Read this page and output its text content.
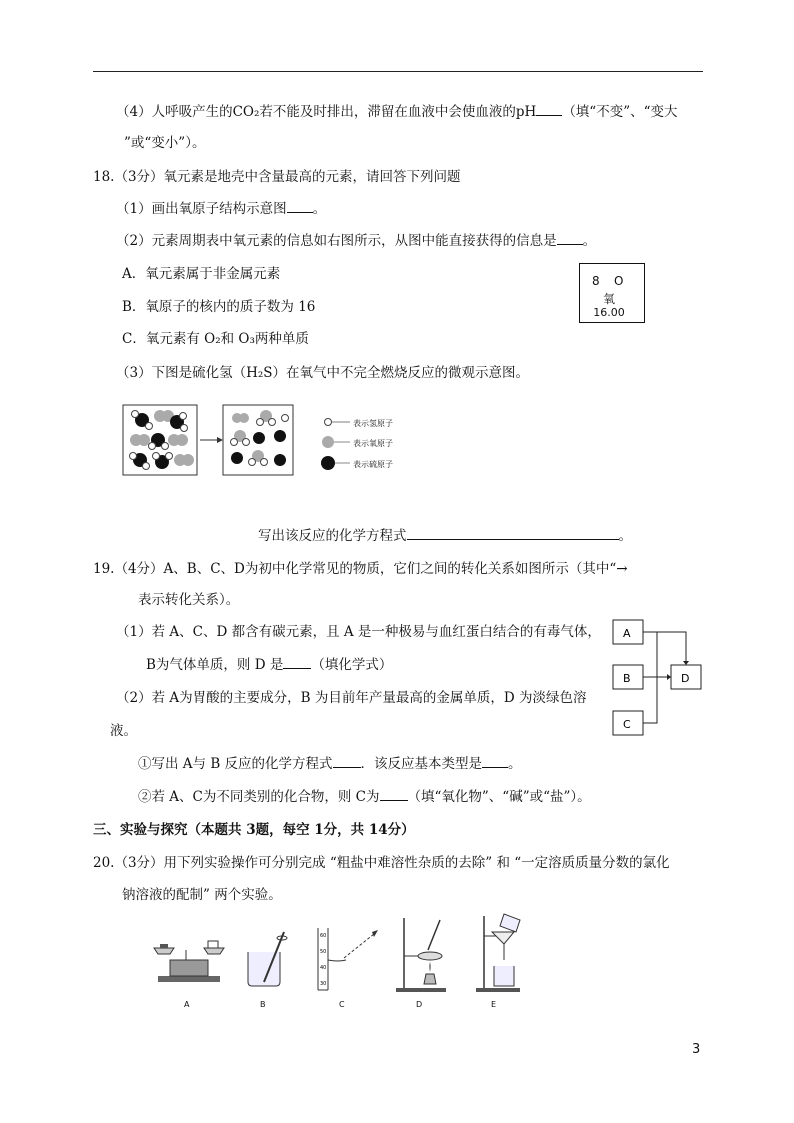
（4）人呼吸产生的CO₂若不能及时排出，滞留在血液中会使血液的pH （填“不变”、“变大
”或“变小”）。
18.（3分）氧元素是地壳中含量最高的元素，请回答下列问题
（1）画出氧原子结构示意图 。
（2）元素周期表中氧元素的信息如右图所示，从图中能直接获得的信息是 。
A．氧元素属于非金属元素
B．氧原子的核内的质子数为 16
C．氧元素有 O₂和 O₃两种单质
8 O
氧
16.00
（3）下图是硫化氢（H₂S）在氧气中不完全燃烧反应的微观示意图。
表示氢原子
表示氧原子
表示硫原子
写出该反应的化学方程式	。
19.（4分）A、B、C、D为初中化学常见的物质，它们之间的转化关系如图所示（其中“→
表示转化关系）。
（1）若 A、C、D 都含有碳元素，且 A 是一种极易与血红蛋白结合的有毒气体，
B为气体单质，则 D 是 （填化学式）
（2）若 A为胃酸的主要成分，B 为目前年产量最高的金属单质，D 为淡绿色溶
液。
①写出 A与 B 反应的化学方程式 ．该反应基本类型是 。
②若 A、C为不同类别的化合物，则 C为 （填“氧化物”、“碱”或“盐”）。
A
B
C
D
三、实验与探究（本题共 3题，每空 1分，共 14分）
20.（3分）用下列实验操作可分别完成 “粗盐中难溶性杂质的去除” 和 “一定溶质质量分数的氯化
钠溶液的配制” 两个实验。
60
50
40
30
A	B	C	D	E
3
